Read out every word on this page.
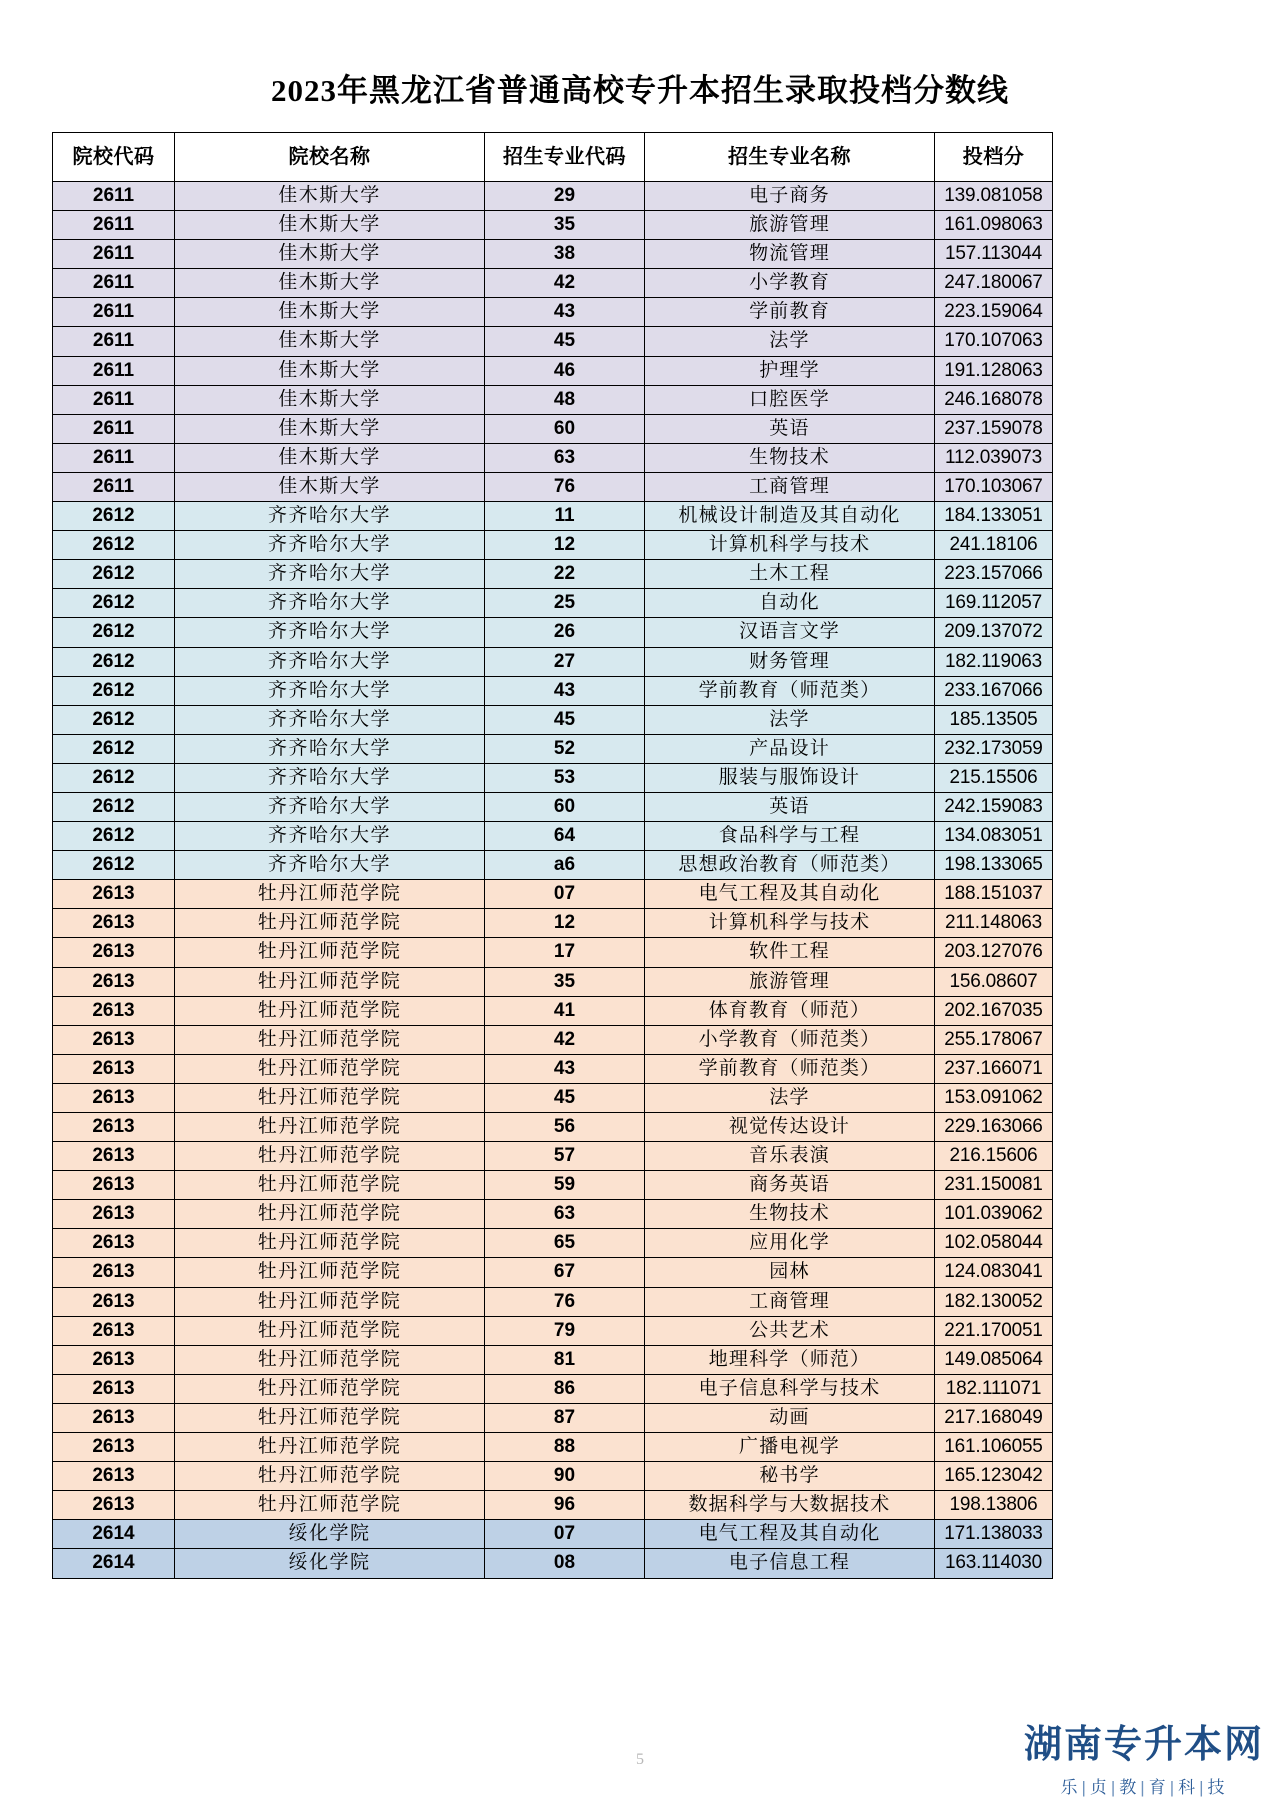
2023年黑龙江省普通高校专升本招生录取投档分数线
5
院校代码	院校名称	招生专业代码	招生专业名称	投档分
2611	佳木斯大学	29	电子商务	139.081058
2611	佳木斯大学	35	旅游管理	161.098063
2611	佳木斯大学	38	物流管理	157.113044
2611	佳木斯大学	42	小学教育	247.180067
2611	佳木斯大学	43	学前教育	223.159064
2611	佳木斯大学	45	法学	170.107063
2611	佳木斯大学	46	护理学	191.128063
2611	佳木斯大学	48	口腔医学	246.168078
2611	佳木斯大学	60	英语	237.159078
2611	佳木斯大学	63	生物技术	112.039073
2611	佳木斯大学	76	工商管理	170.103067
2612	齐齐哈尔大学	11	机械设计制造及其自动化	184.133051
2612	齐齐哈尔大学	12	计算机科学与技术	241.18106
2612	齐齐哈尔大学	22	土木工程	223.157066
2612	齐齐哈尔大学	25	自动化	169.112057
2612	齐齐哈尔大学	26	汉语言文学	209.137072
2612	齐齐哈尔大学	27	财务管理	182.119063
2612	齐齐哈尔大学	43	学前教育（师范类）	233.167066
2612	齐齐哈尔大学	45	法学	185.13505
2612	齐齐哈尔大学	52	产品设计	232.173059
2612	齐齐哈尔大学	53	服装与服饰设计	215.15506
2612	齐齐哈尔大学	60	英语	242.159083
2612	齐齐哈尔大学	64	食品科学与工程	134.083051
2612	齐齐哈尔大学	a6	思想政治教育（师范类）	198.133065
2613	牡丹江师范学院	07	电气工程及其自动化	188.151037
2613	牡丹江师范学院	12	计算机科学与技术	211.148063
2613	牡丹江师范学院	17	软件工程	203.127076
2613	牡丹江师范学院	35	旅游管理	156.08607
2613	牡丹江师范学院	41	体育教育（师范）	202.167035
2613	牡丹江师范学院	42	小学教育（师范类）	255.178067
2613	牡丹江师范学院	43	学前教育（师范类）	237.166071
2613	牡丹江师范学院	45	法学	153.091062
2613	牡丹江师范学院	56	视觉传达设计	229.163066
2613	牡丹江师范学院	57	音乐表演	216.15606
2613	牡丹江师范学院	59	商务英语	231.150081
2613	牡丹江师范学院	63	生物技术	101.039062
2613	牡丹江师范学院	65	应用化学	102.058044
2613	牡丹江师范学院	67	园林	124.083041
2613	牡丹江师范学院	76	工商管理	182.130052
2613	牡丹江师范学院	79	公共艺术	221.170051
2613	牡丹江师范学院	81	地理科学（师范）	149.085064
2613	牡丹江师范学院	86	电子信息科学与技术	182.111071
2613	牡丹江师范学院	87	动画	217.168049
2613	牡丹江师范学院	88	广播电视学	161.106055
2613	牡丹江师范学院	90	秘书学	165.123042
2613	牡丹江师范学院	96	数据科学与大数据技术	198.13806
2614	绥化学院	07	电气工程及其自动化	171.138033
2614	绥化学院	08	电子信息工程	163.114030
湖南专升本网
乐|贞|教|育|科|技
